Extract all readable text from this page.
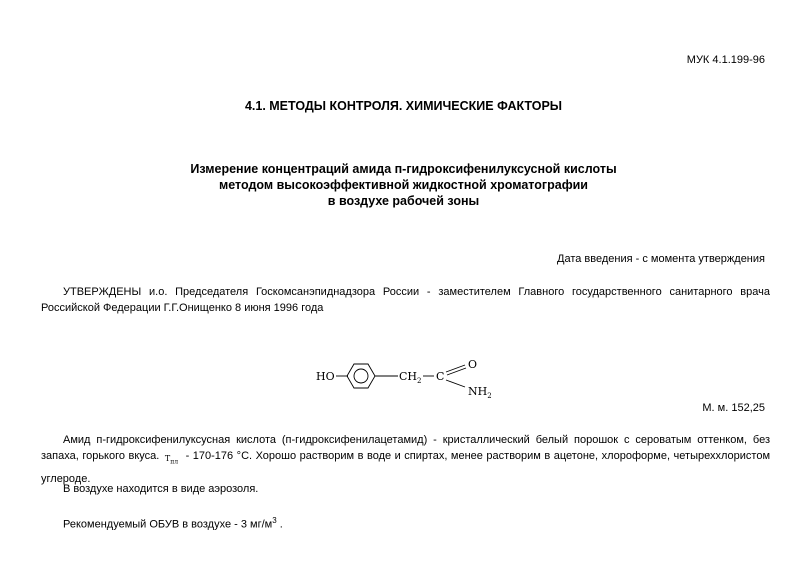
МУК 4.1.199-96
4.1. МЕТОДЫ КОНТРОЛЯ. ХИМИЧЕСКИЕ ФАКТОРЫ
Измерение концентраций амида п-гидроксифенилуксусной кислоты
методом высокоэффективной жидкостной хроматографии
в воздухе рабочей зоны
Дата введения - с момента утверждения
УТВЕРЖДЕНЫ и.о. Председателя Госкомсанэпиднадзора России - заместителем Главного государственного санитарного врача Российской Федерации Г.Г.Онищенко 8 июня 1996 года
HO	$CH_2$ C
O
$NH_2$
М. м. 152,25
Амид п-гидроксифенилуксусная кислота (п-гидроксифенилацетамид) - кристаллический белый порошок с сероватым оттенком, без запаха, горького вкуса. $T_{пл} - 170-176$ °С. Хорошо растворим в воде и спиртах, менее растворим в ацетоне, хлороформе, четыреххлористом углероде.
В воздухе находится в виде аэрозоля.
Рекомендуемый ОБУВ в воздухе - 3 $мг/м^3$ .
